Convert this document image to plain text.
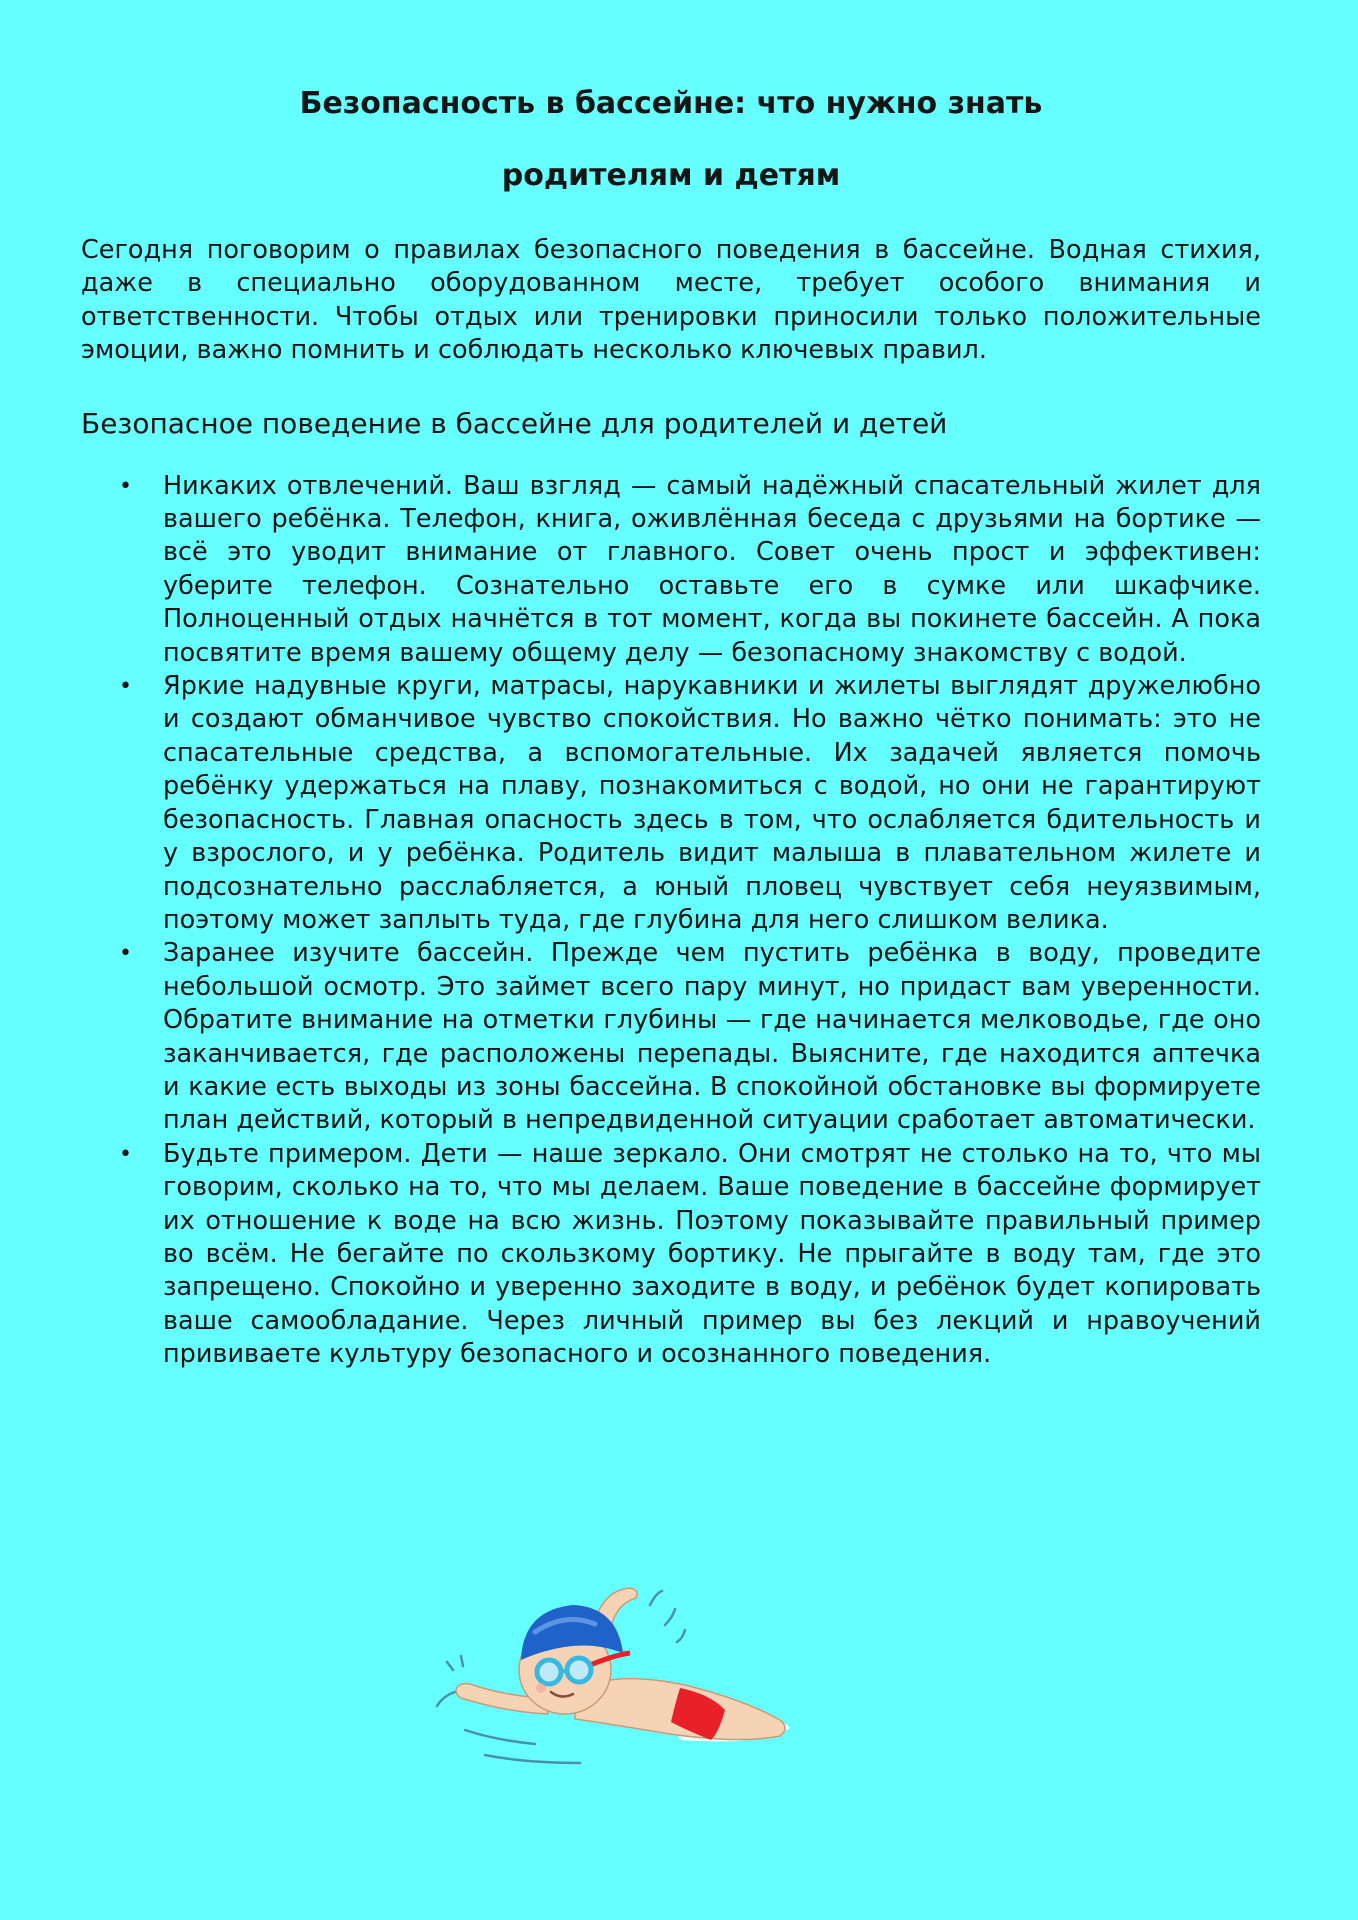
Безопасность в бассейне: что нужно знать
родителям и детям

Сегодня поговорим о правилах безопасного поведения в бассейне. Водная стихия, даже в специально оборудованном месте, требует особого внимания и ответственности. Чтобы отдых или тренировки приносили только положительные эмоции, важно помнить и соблюдать несколько ключевых правил.

Безопасное поведение в бассейне для родителей и детей
• Никаких отвлечений. Ваш взгляд — самый надёжный спасательный жилет для вашего ребёнка. Телефон, книга, оживлённая беседа с друзьями на бортике — всё это уводит внимание от главного. Совет очень прост и эффективен: уберите телефон. Сознательно оставьте его в сумке или шкафчике. Полноценный отдых начнётся в тот момент, когда вы покинете бассейн. А пока посвятите время вашему общему делу — безопасному знакомству с водой.
• Яркие надувные круги, матрасы, нарукавники и жилеты выглядят дружелюбно и создают обманчивое чувство спокойствия. Но важно чётко понимать: это не спасательные средства, а вспомогательные. Их задачей является помочь ребёнку удержаться на плаву, познакомиться с водой, но они не гарантируют безопасность. Главная опасность здесь в том, что ослабляется бдительность и у взрослого, и у ребёнка. Родитель видит малыша в плавательном жилете и подсознательно расслабляется, а юный пловец чувствует себя неуязвимым, поэтому может заплыть туда, где глубина для него слишком велика.
• Заранее изучите бассейн. Прежде чем пустить ребёнка в воду, проведите небольшой осмотр. Это займет всего пару минут, но придаст вам уверенности. Обратите внимание на отметки глубины — где начинается мелководье, где оно заканчивается, где расположены перепады. Выясните, где находится аптечка и какие есть выходы из зоны бассейна. В спокойной обстановке вы формируете план действий, который в непредвиденной ситуации сработает автоматически.
• Будьте примером. Дети — наше зеркало. Они смотрят не столько на то, что мы говорим, сколько на то, что мы делаем. Ваше поведение в бассейне формирует их отношение к воде на всю жизнь. Поэтому показывайте правильный пример во всём. Не бегайте по скользкому бортику. Не прыгайте в воду там, где это запрещено. Спокойно и уверенно заходите в воду, и ребёнок будет копировать ваше самообладание. Через личный пример вы без лекций и нравоучений прививаете культуру безопасного и осознанного поведения.
